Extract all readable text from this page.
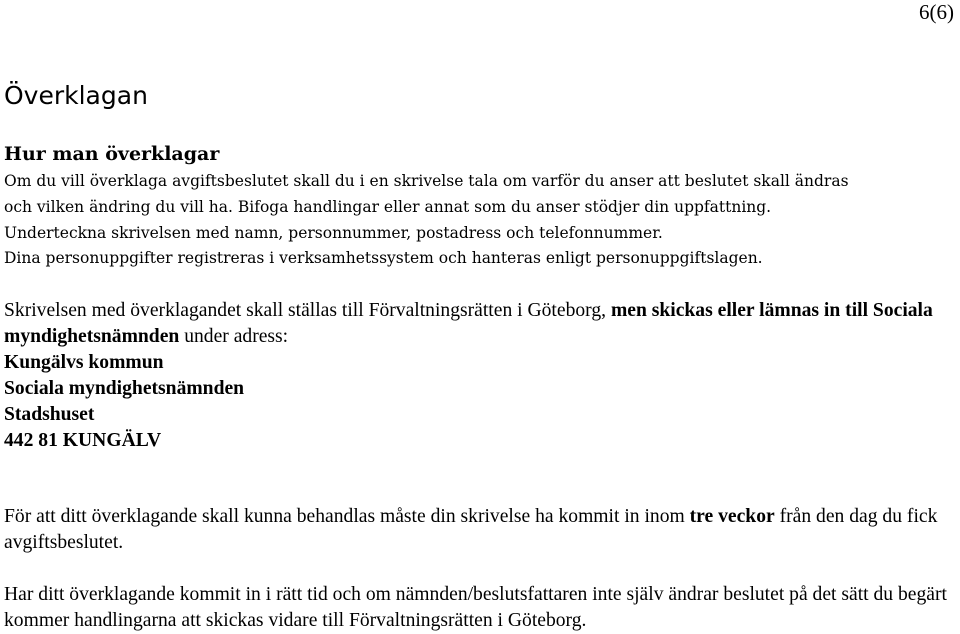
6(6)
Överklagan
Hur man överklagar
Om du vill överklaga avgiftsbeslutet skall du i en skrivelse tala om varför du anser att beslutet skall ändras
och vilken ändring du vill ha. Bifoga handlingar eller annat som du anser stödjer din uppfattning.
Underteckna skrivelsen med namn, personnummer, postadress och telefonnummer.
Dina personuppgifter registreras i verksamhetssystem och hanteras enligt personuppgiftslagen.

Skrivelsen med överklagandet skall ställas till Förvaltningsrätten i Göteborg, men skickas eller lämnas in till Sociala myndighetsnämnden under adress:

Kungälvs kommun
Sociala myndighetsnämnden
Stadshuset
442 81 KUNGÄLV

För att ditt överklagande skall kunna behandlas måste din skrivelse ha kommit in inom tre veckor från den dag du fick avgiftsbeslutet.

Har ditt överklagande kommit in i rätt tid och om nämnden/beslutsfattaren inte själv ändrar beslutet på det sätt du begärt kommer handlingarna att skickas vidare till Förvaltningsrätten i Göteborg.
